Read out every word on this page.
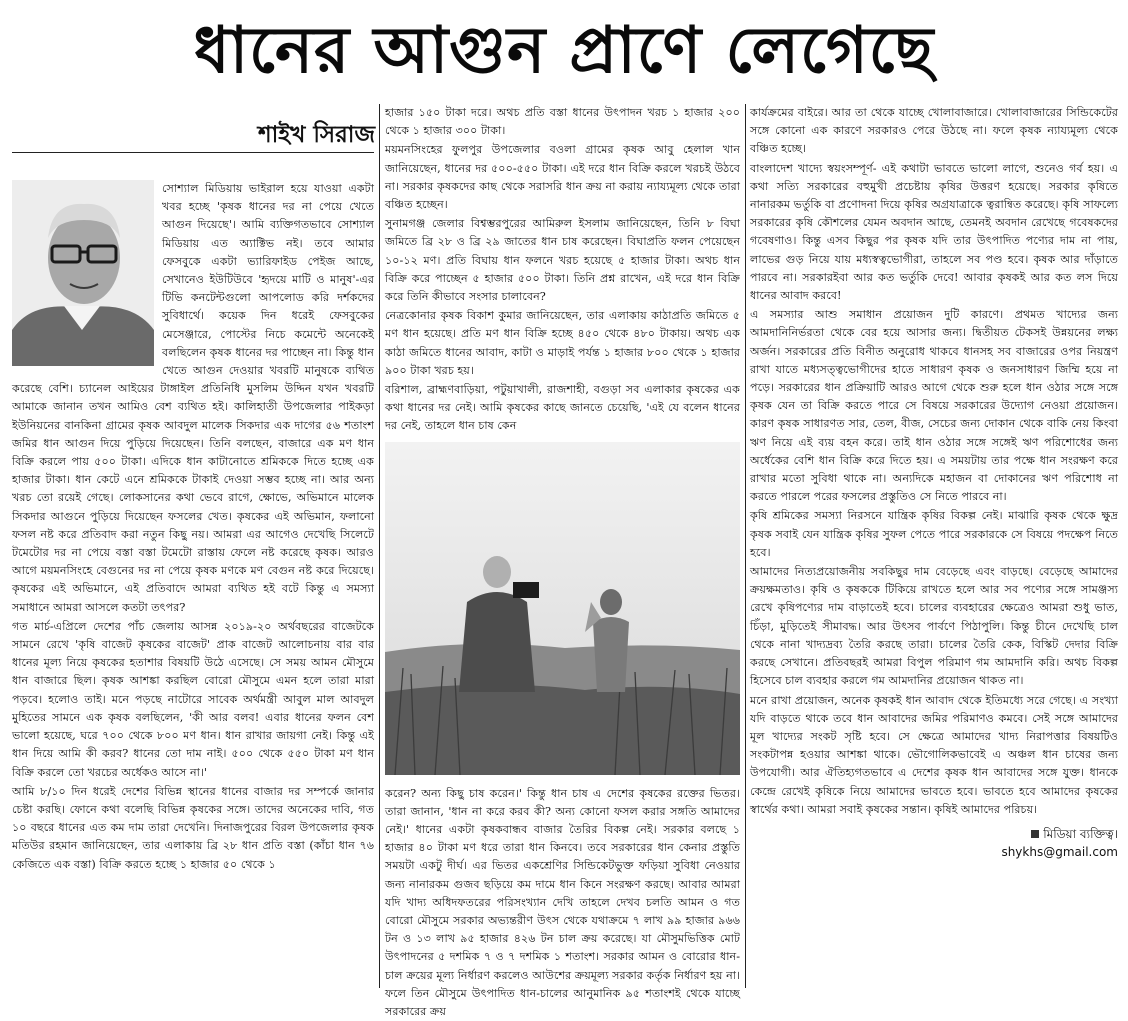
ধানের আগুন প্রাণে লেগেছে
শাইখ সিরাজ

সোশ্যাল মিডিয়ায় ভাইরাল হয়ে যাওয়া একটা খবর হচ্ছে 'কৃষক ধানের দর না পেয়ে খেতে আগুন দিয়েছে'। আমি ব্যক্তিগতভাবে সোশ্যাল মিডিয়ায় এত অ্যাক্টিভ নই। তবে আমার ফেসবুকে একটা ভ্যারিফাইড পেইজ আছে, সেখানেও ইউটিউবে 'হৃদয়ে মাটি ও মানুষ'-এর টিভি কনটেন্টগুলো আপলোড করি দর্শকদের সুবিধার্থে। কয়েক দিন ধরেই ফেসবুকের মেসেঞ্জারে, পোস্টের নিচে কমেন্টে অনেকেই বলছিলেন কৃষক ধানের দর পাচ্ছেন না। কিন্তু ধান খেতে আগুন দেওয়ার খবরটি মানুষকে ব্যথিত করেছে বেশি। চ্যানেল আইয়ের টাঙ্গাইল প্রতিনিধি মুসলিম উদ্দিন যখন খবরটি আমাকে জানান তখন আমিও বেশ ব্যথিত হই। কালিহাতী উপজেলার পাইকড়া ইউনিয়নের বানকিনা গ্রামের কৃষক আবদুল মালেক সিকদার এক দাগের ৫৬ শতাংশ জমির ধান আগুন দিয়ে পুড়িয়ে দিয়েছেন। তিনি বলছেন, বাজারে এক মণ ধান বিক্রি করলে পায় ৫০০ টাকা। এদিকে ধান কাটানোতে শ্রমিককে দিতে হচ্ছে এক হাজার টাকা। ধান কেটে এনে শ্রমিককে টাকাই দেওয়া সম্ভব হচ্ছে না। আর অন্য খরচ তো রয়েই গেছে। লোকসানের কথা ভেবে রাগে, ক্ষোভে, অভিমানে মালেক সিকদার আগুনে পুড়িয়ে দিয়েছেন ফসলের খেত। কৃষকের এই অভিমান, ফলানো ফসল নষ্ট করে প্রতিবাদ করা নতুন কিছু নয়। আমরা এর আগেও দেখেছি সিলেটে টমেটোর দর না পেয়ে বস্তা বস্তা টমেটো রাস্তায় ফেলে নষ্ট করেছে কৃষক। আরও আগে ময়মনসিংহে বেগুনের দর না পেয়ে কৃষক মণকে মণ বেগুন নষ্ট করে দিয়েছে। কৃষকের এই অভিমানে, এই প্রতিবাদে আমরা ব্যথিত হই বটে কিন্তু এ সমস্যা সমাধানে আমরা আসলে কতটা তৎপর?

গত মার্চ-এপ্রিলে দেশের পাঁচ জেলায় আসন্ন ২০১৯-২০ অর্থবছরের বাজেটকে সামনে রেখে 'কৃষি বাজেট কৃষকের বাজেট' প্রাক বাজেট আলোচনায় বার বার ধানের মূল্য নিয়ে কৃষকের হতাশার বিষয়টি উঠে এসেছে। সে সময় আমন মৌসুমে ধান বাজারে ছিল। কৃষক আশঙ্কা করছিল বোরো মৌসুমে এমন হলে তারা মারা পড়বে। হলোও তাই। মনে পড়ছে নাটোরে সাবেক অর্থমন্ত্রী আবুল মাল আবদুল মুহিতের সামনে এক কৃষক বলছিলেন, 'কী আর বলব! এবার ধানের ফলন বেশ ভালো হয়েছে, ঘরে ৭০০ থেকে ৮০০ মণ ধান। ধান রাখার জায়গা নেই। কিন্তু এই ধান দিয়ে আমি কী করব? ধানের তো দাম নাই। ৫০০ থেকে ৫৫০ টাকা মণ ধান বিক্রি করলে তো খরচের অর্ধেকও আসে না।'

আমি ৮/১০ দিন ধরেই দেশের বিভিন্ন স্থানের ধানের বাজার দর সম্পর্কে জানার চেষ্টা করছি। ফোনে কথা বলেছি বিভিন্ন কৃষকের সঙ্গে। তাদের অনেকের দাবি, গত ১০ বছরে ধানের এত কম দাম তারা দেখেনি। দিনাজপুরের বিরল উপজেলার কৃষক মতিউর রহমান জানিয়েছেন, তার এলাকায় ব্রি ২৮ ধান প্রতি বস্তা (কাঁচা ধান ৭৬ কেজিতে এক বস্তা) বিক্রি করতে হচ্ছে ১ হাজার ৫০ থেকে ১

হাজার ১৫০ টাকা দরে। অথচ প্রতি বস্তা ধানের উৎপাদন খরচ ১ হাজার ২০০ থেকে ১ হাজার ৩০০ টাকা।

ময়মনসিংহের ফুলপুর উপজেলার বওলা গ্রামের কৃষক আবু হেলাল খান জানিয়েছেন, ধানের দর ৫০০-৫৫০ টাকা। এই দরে ধান বিক্রি করলে খরচই উঠবে না। সরকার কৃষকদের কাছ থেকে সরাসরি ধান ক্রয় না করায় ন্যায্যমূল্য থেকে তারা বঞ্চিত হচ্ছেন।

সুনামগঞ্জ জেলার বিশ্বম্ভরপুরের আমিরুল ইসলাম জানিয়েছেন, তিনি ৮ বিঘা জমিতে ব্রি ২৮ ও ব্রি ২৯ জাতের ধান চাষ করেছেন। বিঘাপ্রতি ফলন পেয়েছেন ১০-১২ মণ। প্রতি বিঘায় ধান ফলনে খরচ হয়েছে ৫ হাজার টাকা। অথচ ধান বিক্রি করে পাচ্ছেন ৫ হাজার ৫০০ টাকা। তিনি প্রশ্ন রাখেন, এই দরে ধান বিক্রি করে তিনি কীভাবে সংসার চালাবেন?

নেত্রকোনার কৃষক বিকাশ কুমার জানিয়েছেন, তার এলাকায় কাঠাপ্রতি জমিতে ৫ মণ ধান হয়েছে। প্রতি মণ ধান বিক্রি হচ্ছে ৪৫০ থেকে ৪৮০ টাকায়। অথচ এক কাঠা জমিতে ধানের আবাদ, কাটা ও মাড়াই পর্যন্ত ১ হাজার ৮০০ থেকে ১ হাজার ৯০০ টাকা খরচ হয়।

বরিশাল, ব্রাহ্মণবাড়িয়া, পটুয়াখালী, রাজশাহী, বগুড়া সব এলাকার কৃষকের এক কথা ধানের দর নেই। আমি কৃষকের কাছে জানতে চেয়েছি, 'এই যে বলেন ধানের দর নেই, তাহলে ধান চাষ কেন

করেন? অন্য কিছু চাষ করেন।' কিন্তু ধান চাষ এ দেশের কৃষকের রক্তের ভিতর। তারা জানান, 'ধান না করে করব কী? অন্য কোনো ফসল করার সঙ্গতি আমাদের নেই।' ধানের একটা কৃষকবান্ধব বাজার তৈরির বিকল্প নেই। সরকার বলছে ১ হাজার ৪০ টাকা মণ ধরে তারা ধান কিনবে। তবে সরকারের ধান কেনার প্রস্তুতি সময়টা একটু দীর্ঘ। এর ভিতর একশ্রেণির সিন্ডিকেটভুক্ত ফড়িয়া সুবিধা নেওয়ার জন্য নানারকম গুজব ছড়িয়ে কম দামে ধান কিনে সংরক্ষণ করছে। আবার আমরা যদি খাদ্য অধিদফতরের পরিসংখ্যান দেখি তাহলে দেখব চলতি আমন ও গত বোরো মৌসুমে সরকার অভ্যন্তরীণ উৎস থেকে যথাক্রমে ৭ লাখ ৯৯ হাজার ৯৬৬ টন ও ১৩ লাখ ৯৫ হাজার ৪২৬ টন চাল ক্রয় করেছে। যা মৌসুমভিত্তিক মোট উৎপাদনের ৫ দশমিক ৭ ও ৭ দশমিক ১ শতাংশ। সরকার আমন ও বোরোর ধান-চাল ক্রয়ের মূল্য নির্ধারণ করলেও আউশের ক্রয়মূল্য সরকার কর্তৃক নির্ধারণ হয় না। ফলে তিন মৌসুমে উৎপাদিত ধান-চালের আনুমানিক ৯৫ শতাংশই থেকে যাচ্ছে সরকারের ক্রয়

কার্যক্রমের বাইরে। আর তা থেকে যাচ্ছে খোলাবাজারে। খোলাবাজারের সিন্ডিকেটের সঙ্গে কোনো এক কারণে সরকারও পেরে উঠছে না। ফলে কৃষক ন্যায্যমূল্য থেকে বঞ্চিত হচ্ছে।

বাংলাদেশ খাদ্যে স্বয়ংসম্পূর্ণ- এই কথাটা ভাবতে ভালো লাগে, শুনেও গর্ব হয়। এ কথা সত্যি সরকারের বহুমুখী প্রচেষ্টায় কৃষির উত্তরণ হয়েছে। সরকার কৃষিতে নানারকম ভর্তুকি বা প্রণোদনা দিয়ে কৃষির অগ্রযাত্রাকে ত্বরান্বিত করেছে। কৃষি সাফল্যে সরকারের কৃষি কৌশলের যেমন অবদান আছে, তেমনই অবদান রেখেছে গবেষকদের গবেষণাও। কিন্তু এসব কিছুর পর কৃষক যদি তার উৎপাদিত পণ্যের দাম না পায়, লাভের গুড় নিয়ে যায় মধ্যস্বত্বভোগীরা, তাহলে সব পণ্ড হবে। কৃষক আর দাঁড়াতে পারবে না। সরকারইবা আর কত ভর্তুকি দেবে! আবার কৃষকই আর কত লস দিয়ে ধানের আবাদ করবে!

এ সমস্যার আশু সমাধান প্রয়োজন দুটি কারণে। প্রথমত খাদ্যের জন্য আমদানিনির্ভরতা থেকে বের হয়ে আসার জন্য। দ্বিতীয়ত টেকসই উন্নয়নের লক্ষ্য অর্জন। সরকারের প্রতি বিনীত অনুরোধ থাকবে ধানসহ সব বাজারের ওপর নিয়ন্ত্রণ রাখা যাতে মধ্যসত্ত্বভোগীদের হাতে সাধারণ কৃষক ও জনসাধারণ জিম্মি হয়ে না পড়ে। সরকারের ধান প্রক্রিয়াটি আরও আগে থেকে শুরু হলে ধান ওঠার সঙ্গে সঙ্গে কৃষক যেন তা বিক্রি করতে পারে সে বিষয়ে সরকারের উদ্যোগ নেওয়া প্রয়োজন। কারণ কৃষক সাধারণত সার, তেল, বীজ, সেচের জন্য দোকান থেকে বাকি নেয় কিংবা ঋণ নিয়ে এই ব্যয় বহন করে। তাই ধান ওঠার সঙ্গে সঙ্গেই ঋণ পরিশোধের জন্য অর্ধেকের বেশি ধান বিক্রি করে দিতে হয়। এ সময়টায় তার পক্ষে ধান সংরক্ষণ করে রাখার মতো সুবিধা থাকে না। অন্যদিকে মহাজন বা দোকানের ঋণ পরিশোধ না করতে পারলে পরের ফসলের প্রস্তুতিও সে নিতে পারবে না।

কৃষি শ্রমিকের সমস্যা নিরসনে যান্ত্রিক কৃষির বিকল্প নেই। মাঝারি কৃষক থেকে ক্ষুদ্র কৃষক সবাই যেন যান্ত্রিক কৃষির সুফল পেতে পারে সরকারকে সে বিষয়ে পদক্ষেপ নিতে হবে।

আমাদের নিত্যপ্রয়োজনীয় সবকিছুর দাম বেড়েছে এবং বাড়ছে। বেড়েছে আমাদের ক্রয়ক্ষমতাও। কৃষি ও কৃষককে টিকিয়ে রাখতে হলে আর সব পণ্যের সঙ্গে সামঞ্জস্য রেখে কৃষিপণ্যের দাম বাড়াতেই হবে। চালের ব্যবহারের ক্ষেত্রেও আমরা শুধু ভাত, চিঁড়া, মুড়িতেই সীমাবদ্ধ। আর উৎসব পার্বণে পিঠাপুলি। কিন্তু চীনে দেখেছি চাল থেকে নানা খাদ্যদ্রব্য তৈরি করছে তারা। চালের তৈরি কেক, বিস্কিট দেদার বিক্রি করছে সেখানে। প্রতিবছরই আমরা বিপুল পরিমাণ গম আমদানি করি। অথচ বিকল্প হিসেবে চাল ব্যবহার করলে গম আমদানির প্রয়োজন থাকত না।

মনে রাখা প্রয়োজন, অনেক কৃষকই ধান আবাদ থেকে ইতিমধ্যে সরে গেছে। এ সংখ্যা যদি বাড়তে থাকে তবে ধান আবাদের জমির পরিমাণও কমবে। সেই সঙ্গে আমাদের মূল খাদ্যের সংকট সৃষ্টি হবে। সে ক্ষেত্রে আমাদের খাদ্য নিরাপত্তার বিষয়টিও সংকটাপন্ন হওয়ার আশঙ্কা থাকে। ভৌগোলিকভাবেই এ অঞ্চল ধান চাষের জন্য উপযোগী। আর ঐতিহ্যগতভাবে এ দেশের কৃষক ধান আবাদের সঙ্গে যুক্ত। ধানকে কেন্দ্রে রেখেই কৃষিকে নিয়ে আমাদের ভাবতে হবে। ভাবতে হবে আমাদের কৃষকের স্বার্থের কথা। আমরা সবাই কৃষকের সন্তান। কৃষিই আমাদের পরিচয়।

মিডিয়া ব্যক্তিত্ব।
shykhs@gmail.com
